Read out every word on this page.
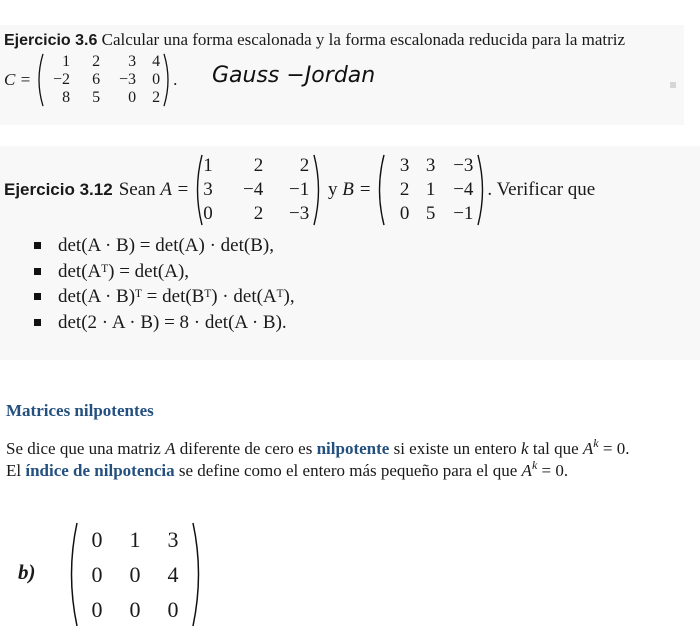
Ejercicio 3.6 Calcular una forma escalonada y la forma escalonada reducida para la matriz
C =
1	2	3	4
−2	6	−3	0
8	5	0	2
. Gauss −Jordan
Ejercicio 3.12 Sean
A =
1	2	2
3	−4	−1
0	2	−3

y
B =
3 3 −3
2 1 −4
0 5 −1
. Verificar que
det(A · B) = det(A) · det(B),
det(Aᵀ) = det(A),
det(A · B)ᵀ = det(Bᵀ) · det(Aᵀ),
det(2 · A · B) = 8 · det(A · B).
Matrices nilpotentes
Se dice que una matriz A diferente de cero es nilpotente si existe un entero k tal que $A^k = 0$.
El índice de nilpotencia se define como el entero más pequeño para el que $A^k = 0$.
b)
0	1	3
0	0	4
0	0	0
